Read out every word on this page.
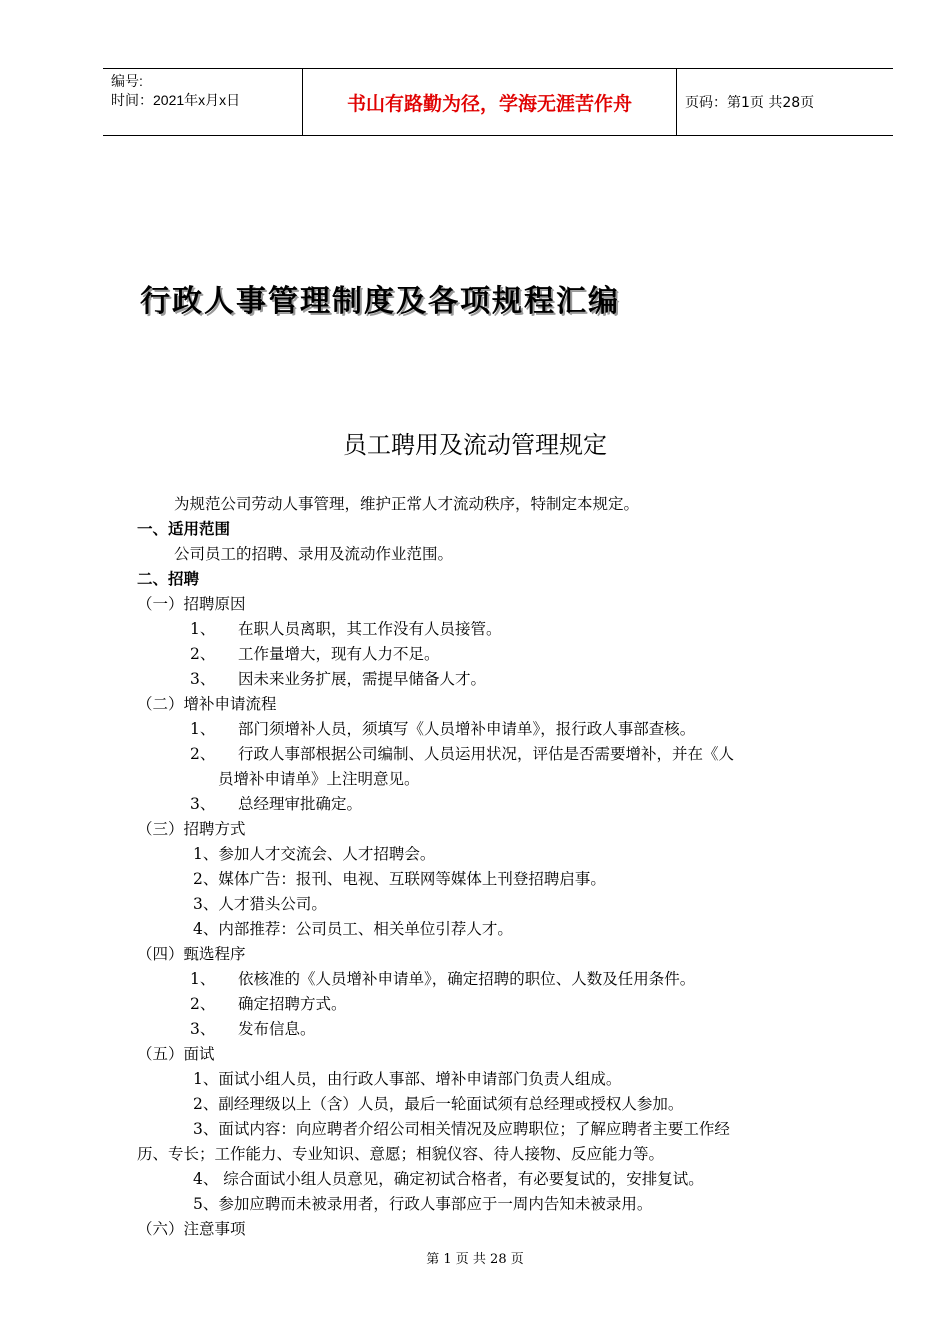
编号:
时间：2021年x月x日	书山有路勤为径，学海无涯苦作舟	页码：第1页 共28页
行政人事管理制度及各项规程汇编
员工聘用及流动管理规定
为规范公司劳动人事管理，维护正常人才流动秩序，特制定本规定。
一、适用范围
公司员工的招聘、录用及流动作业范围。
二、招聘
（一）招聘原因
1、 在职人员离职，其工作没有人员接管。
2、 工作量增大，现有人力不足。
3、 因未来业务扩展，需提早储备人才。
（二）增补申请流程
1、 部门须增补人员，须填写《人员增补申请单》，报行政人事部查核。
2、 行政人事部根据公司编制、人员运用状况，评估是否需要增补，并在《人
员增补申请单》上注明意见。
3、 总经理审批确定。
（三）招聘方式
1、参加人才交流会、人才招聘会。
2、媒体广告：报刊、电视、互联网等媒体上刊登招聘启事。
3、人才猎头公司。
4、内部推荐：公司员工、相关单位引荐人才。
（四）甄选程序
1、 依核准的《人员增补申请单》，确定招聘的职位、人数及任用条件。
2、 确定招聘方式。
3、 发布信息。
（五）面试
1、面试小组人员，由行政人事部、增补申请部门负责人组成。
2、副经理级以上（含）人员，最后一轮面试须有总经理或授权人参加。
3、面试内容：向应聘者介绍公司相关情况及应聘职位；了解应聘者主要工作经
历、专长；工作能力、专业知识、意愿；相貌仪容、待人接物、反应能力等。
4、 综合面试小组人员意见，确定初试合格者，有必要复试的，安排复试。
5、参加应聘而未被录用者，行政人事部应于一周内告知未被录用。
（六）注意事项
第 1 页 共 28 页
